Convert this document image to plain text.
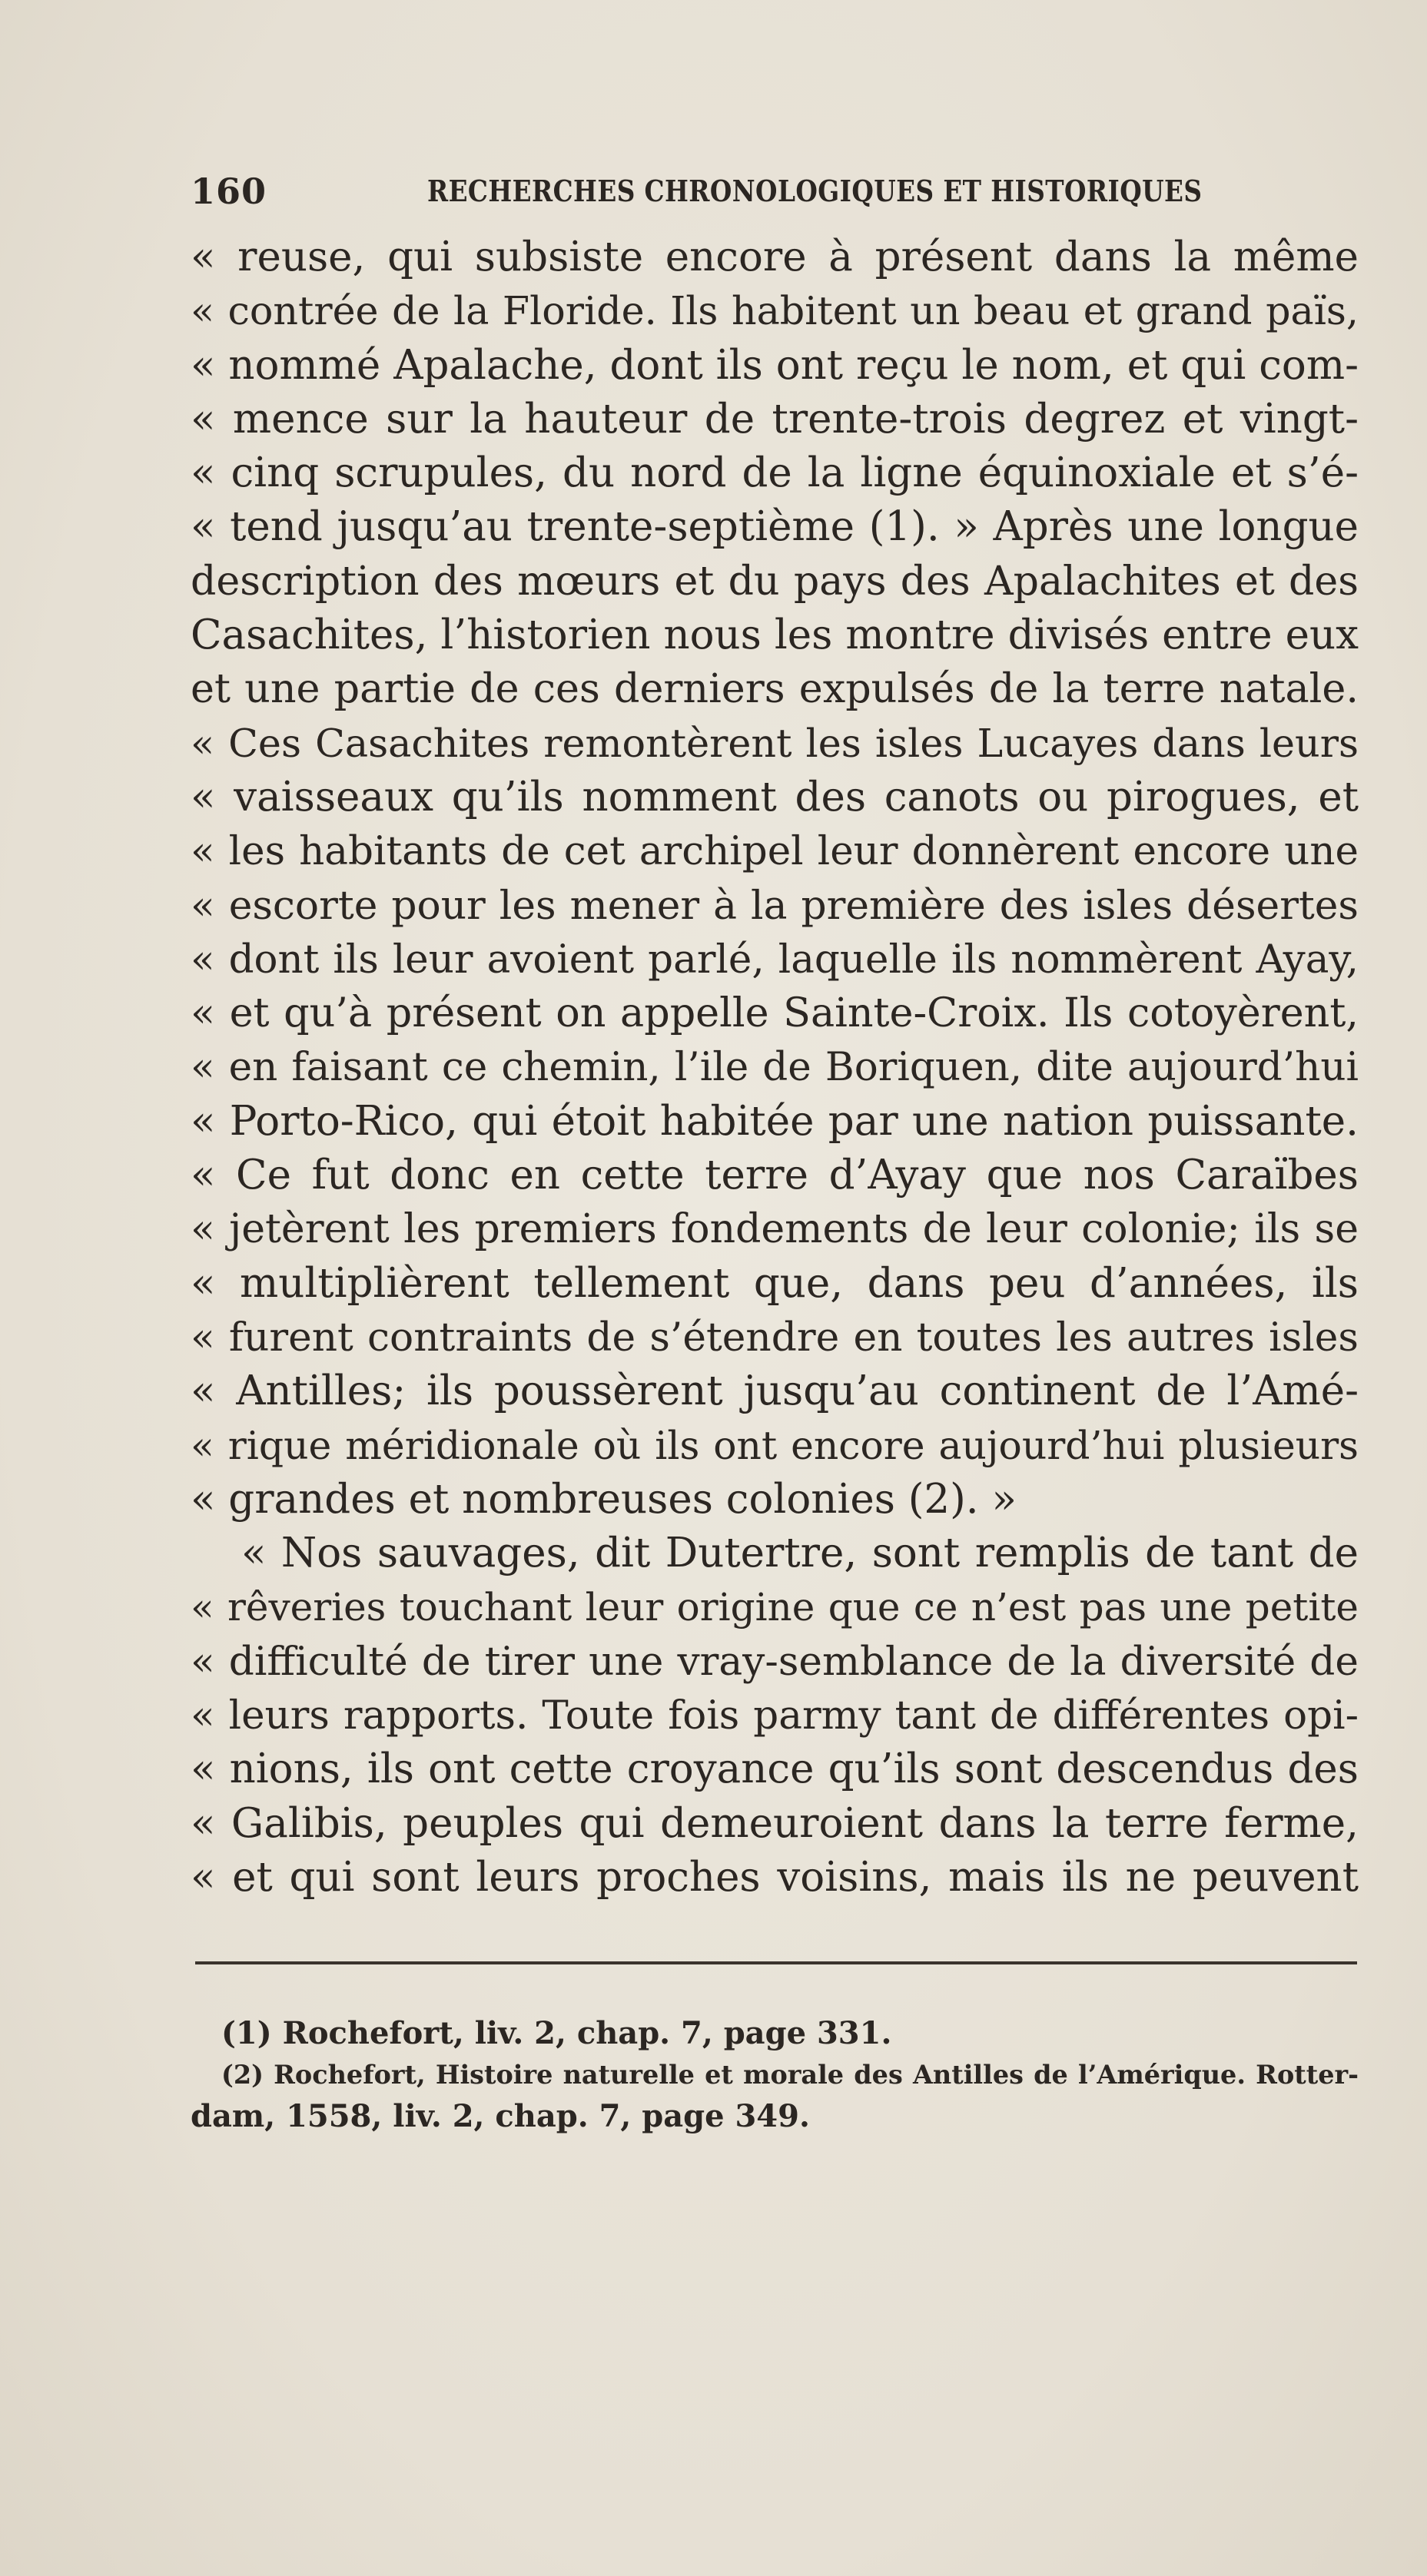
160	RECHERCHES CHRONOLOGIQUES ET HISTORIQUES
« reuse, qui subsiste encore à présent dans la même
« contrée de la Floride. Ils habitent un beau et grand païs,
« nommé Apalache, dont ils ont reçu le nom, et qui com-
« mence sur la hauteur de trente-trois degrez et vingt-
« cinq scrupules, du nord de la ligne équinoxiale et s’é-
« tend jusqu’au trente-septième (1). » Après une longue
description des mœurs et du pays des Apalachites et des
Casachites, l’historien nous les montre divisés entre eux
et une partie de ces derniers expulsés de la terre natale.
« Ces Casachites remontèrent les isles Lucayes dans leurs
« vaisseaux qu’ils nomment des canots ou pirogues, et
« les habitants de cet archipel leur donnèrent encore une
« escorte pour les mener à la première des isles désertes
« dont ils leur avoient parlé, laquelle ils nommèrent Ayay,
« et qu’à présent on appelle Sainte-Croix. Ils cotoyèrent,
« en faisant ce chemin, l’ile de Boriquen, dite aujourd’hui
« Porto-Rico, qui étoit habitée par une nation puissante.
« Ce fut donc en cette terre d’Ayay que nos Caraïbes
« jetèrent les premiers fondements de leur colonie; ils se
« multiplièrent tellement que, dans peu d’années, ils
« furent contraints de s’étendre en toutes les autres isles
« Antilles; ils poussèrent jusqu’au continent de l’Amé-
« rique méridionale où ils ont encore aujourd’hui plusieurs
« grandes et nombreuses colonies (2). »
« Nos sauvages, dit Dutertre, sont remplis de tant de
« rêveries touchant leur origine que ce n’est pas une petite
« difficulté de tirer une vray-semblance de la diversité de
« leurs rapports. Toute fois parmy tant de différentes opi-
« nions, ils ont cette croyance qu’ils sont descendus des
« Galibis, peuples qui demeuroient dans la terre ferme,
« et qui sont leurs proches voisins, mais ils ne peuvent
(1) Rochefort, liv. 2, chap. 7, page 331.
(2) Rochefort, Histoire naturelle et morale des Antilles de l’Amérique. Rotter-
dam, 1558, liv. 2, chap. 7, page 349.
